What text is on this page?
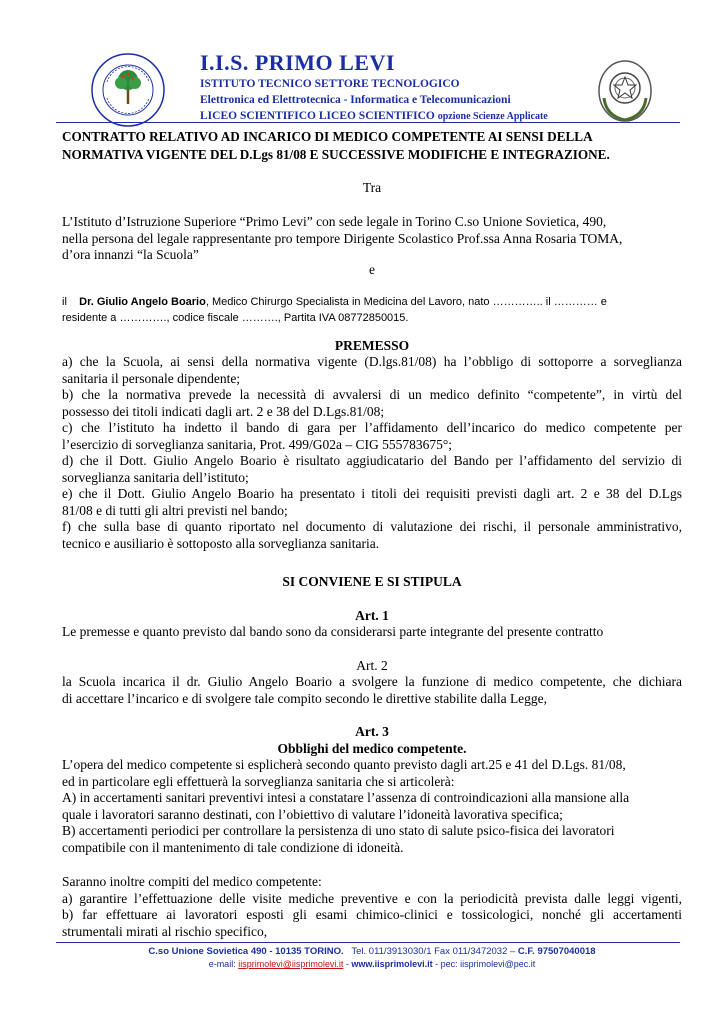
I.I.S. PRIMO LEVI
ISTITUTO TECNICO SETTORE TECNOLOGICO
Elettronica ed Elettrotecnica - Informatica e Telecomunicazioni
LICEO SCIENTIFICO LICEO SCIENTIFICO opzione Scienze Applicate
CONTRATTO RELATIVO AD INCARICO DI MEDICO COMPETENTE AI SENSI DELLA
NORMATIVA VIGENTE DEL D.Lgs 81/08 E SUCCESSIVE MODIFICHE E INTEGRAZIONE.
Tra
L’Istituto d’Istruzione Superiore “Primo Levi” con sede legale in Torino C.so Unione Sovietica, 490,
nella persona del legale rappresentante pro tempore Dirigente Scolastico Prof.ssa Anna Rosaria TOMA,
d’ora innanzi “la Scuola”
e
il Dr. Giulio Angelo Boario, Medico Chirurgo Specialista in Medicina del Lavoro, nato ………….. il ………… e
residente a …………., codice fiscale ………., Partita IVA 08772850015.
PREMESSO
a) che la Scuola, ai sensi della normativa vigente (D.lgs.81/08) ha l’obbligo di sottoporre a sorveglianza
sanitaria il personale dipendente;
b) che la normativa prevede la necessità di avvalersi di un medico definito “competente”, in virtù del
possesso dei titoli indicati dagli art. 2 e 38 del D.Lgs.81/08;
c) che l’istituto ha indetto il bando di gara per l’affidamento dell’incarico do medico competente per
l’esercizio di sorveglianza sanitaria, Prot. 499/G02a – CIG 555783675°;
d) che il Dott. Giulio Angelo Boario è risultato aggiudicatario del Bando per l’affidamento del servizio di
sorveglianza sanitaria dell’istituto;
e) che il Dott. Giulio Angelo Boario ha presentato i titoli dei requisiti previsti dagli art. 2 e 38 del D.Lgs
81/08 e di tutti gli altri previsti nel bando;
f) che sulla base di quanto riportato nel documento di valutazione dei rischi, il personale amministrativo,
tecnico e ausiliario è sottoposto alla sorveglianza sanitaria.
SI CONVIENE E SI STIPULA
Art. 1
Le premesse e quanto previsto dal bando sono da considerarsi parte integrante del presente contratto
Art. 2
la Scuola incarica il dr. Giulio Angelo Boario a svolgere la funzione di medico competente, che dichiara
di accettare l’incarico e di svolgere tale compito secondo le direttive stabilite dalla Legge,
Art. 3
Obblighi del medico competente.
L’opera del medico competente si esplicherà secondo quanto previsto dagli art.25 e 41 del D.Lgs. 81/08,
ed in particolare egli effettuerà la sorveglianza sanitaria che si articolerà:
A) in accertamenti sanitari preventivi intesi a constatare l’assenza di controindicazioni alla mansione alla
quale i lavoratori saranno destinati, con l’obiettivo di valutare l’idoneità lavorativa specifica;
B) accertamenti periodici per controllare la persistenza di uno stato di salute psico-fisica dei lavoratori
compatibile con il mantenimento di tale condizione di idoneità.
Saranno inoltre compiti del medico competente:
a) garantire l’effettuazione delle visite mediche preventive e con la periodicità prevista dalle leggi vigenti,
b) far effettuare ai lavoratori esposti gli esami chimico-clinici e tossicologici, nonché gli accertamenti
strumentali mirati al rischio specifico,
C.so Unione Sovietica 490 - 10135 TORINO. Tel. 011/3913030/1 Fax 011/3472032 – C.F. 97507040018
e-mail: iisprimolevi@iisprimolevi.it - www.iisprimolevi.it - pec: iisprimolevi@pec.it
